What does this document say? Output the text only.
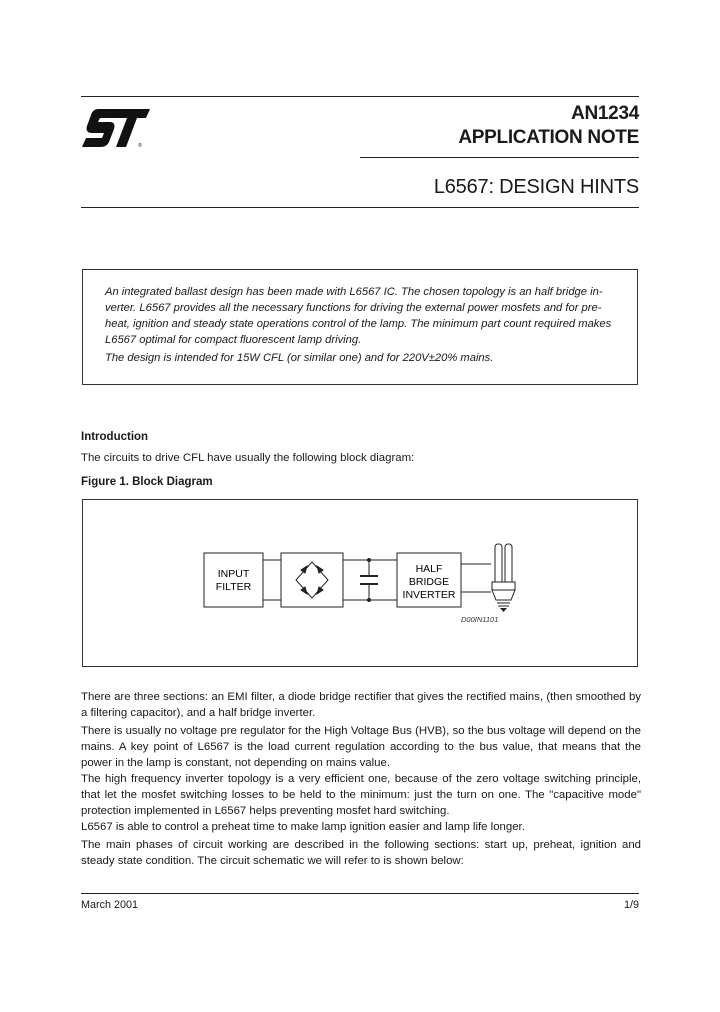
®
AN1234
APPLICATION NOTE
L6567: DESIGN HINTS
An integrated ballast design has been made with L6567 IC. The chosen topology is an half bridge in-verter. L6567 provides all the necessary functions for driving the external power mosfets and for pre-heat, ignition and steady state operations control of the lamp. The minimum part count required makes L6567 optimal for compact fluorescent lamp driving.
The design is intended for 15W CFL (or similar one) and for 220V±20% mains.
Introduction
The circuits to drive CFL have usually the following block diagram:
Figure 1. Block Diagram
INPUT
FILTER
HALF
BRIDGE
INVERTER
D00IN1101
There are three sections: an EMI filter, a diode bridge rectifier that gives the rectified mains, (then smoothed by a filtering capacitor), and a half bridge inverter.
There is usually no voltage pre regulator for the High Voltage Bus (HVB), so the bus voltage will depend on the mains. A key point of L6567 is the load current regulation according to the bus value, that means that the power in the lamp is constant, not depending on mains value.
The high frequency inverter topology is a very efficient one, because of the zero voltage switching principle, that let the mosfet switching losses to be held to the minimum: just the turn on one. The "capacitive mode" protection implemented in L6567 helps preventing mosfet hard switching.
L6567 is able to control a preheat time to make lamp ignition easier and lamp life longer.
The main phases of circuit working are described in the following sections: start up, preheat, ignition and steady state condition. The circuit schematic we will refer to is shown below:
March 2001	1/9
